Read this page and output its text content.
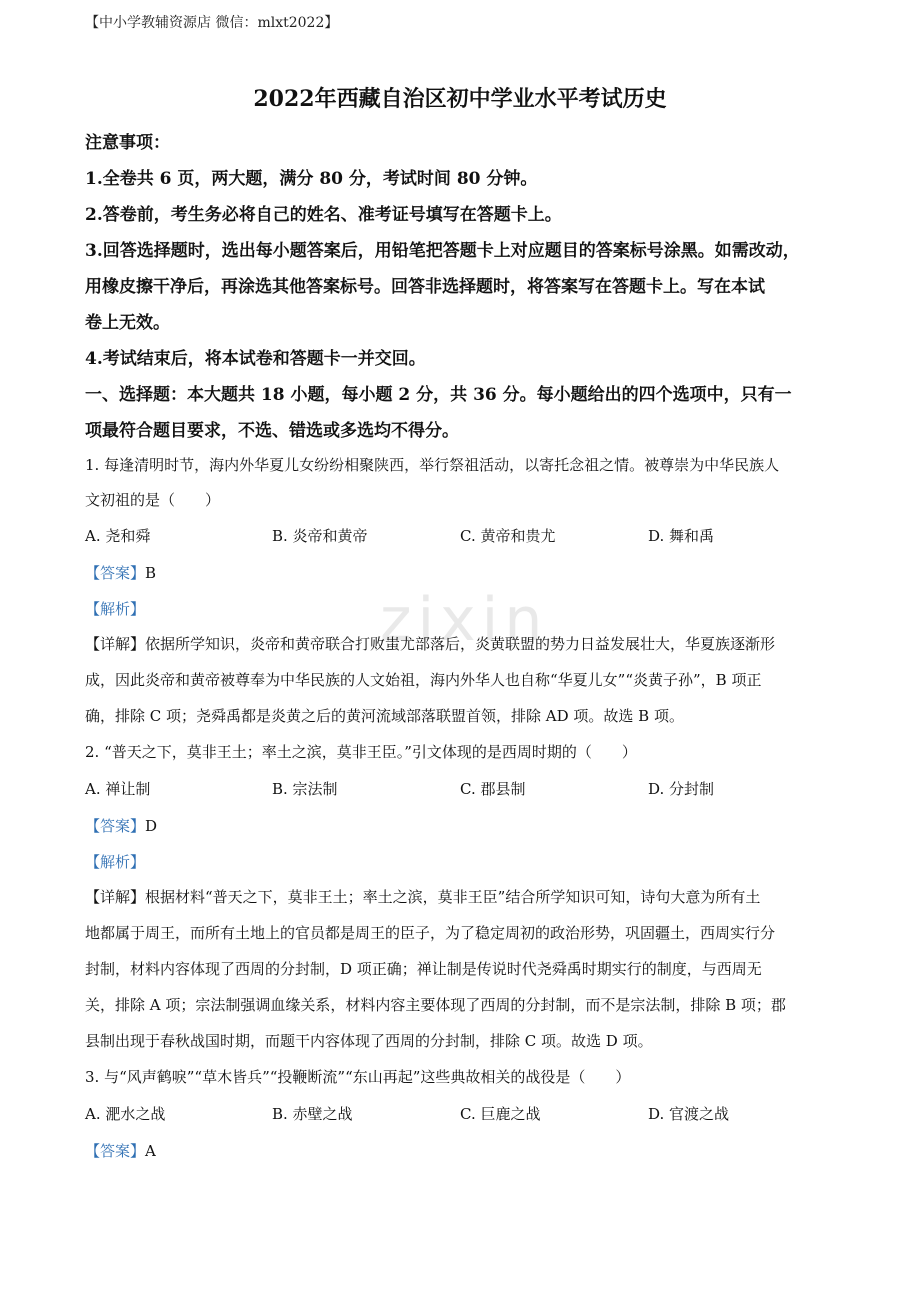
zixin
【中小学教辅资源店 微信：mlxt2022】
2022年西藏自治区初中学业水平考试历史
注意事项：
1.全卷共 6 页，两大题，满分 80 分，考试时间 80 分钟。
2.答卷前，考生务必将自己的姓名、准考证号填写在答题卡上。
3.回答选择题时，选出每小题答案后，用铅笔把答题卡上对应题目的答案标号涂黑。如需改动，
用橡皮擦干净后，再涂选其他答案标号。回答非选择题时，将答案写在答题卡上。写在本试
卷上无效。
4.考试结束后，将本试卷和答题卡一并交回。
一、选择题：本大题共 18 小题，每小题 2 分，共 36 分。每小题给出的四个选项中，只有一
项最符合题目要求，不选、错选或多选均不得分。
1. 每逢清明时节，海内外华夏儿女纷纷相聚陕西，举行祭祖活动，以寄托念祖之情。被尊崇为中华民族人
文初祖的是（　　）
A. 尧和舜	B. 炎帝和黄帝	C. 黄帝和贵尤	D. 舞和禹
【答案】B
【解析】
【详解】依据所学知识，炎帝和黄帝联合打败蚩尤部落后，炎黄联盟的势力日益发展壮大，华夏族逐渐形
成，因此炎帝和黄帝被尊奉为中华民族的人文始祖，海内外华人也自称“华夏儿女”“炎黄子孙”，B 项正
确，排除 C 项；尧舜禹都是炎黄之后的黄河流域部落联盟首领，排除 AD 项。故选 B 项。
2. “普天之下，莫非王土；率土之滨，莫非王臣。”引文体现的是西周时期的（　　）
A. 禅让制	B. 宗法制	C. 郡县制	D. 分封制
【答案】D
【解析】
【详解】根据材料“普天之下，莫非王土；率土之滨，莫非王臣”结合所学知识可知，诗句大意为所有土
地都属于周王，而所有土地上的官员都是周王的臣子，为了稳定周初的政治形势，巩固疆土，西周实行分
封制，材料内容体现了西周的分封制，D 项正确；禅让制是传说时代尧舜禹时期实行的制度，与西周无
关，排除 A 项；宗法制强调血缘关系，材料内容主要体现了西周的分封制，而不是宗法制，排除 B 项；郡
县制出现于春秋战国时期，而题干内容体现了西周的分封制，排除 C 项。故选 D 项。
3. 与“风声鹤唳”“草木皆兵”“投鞭断流”“东山再起”这些典故相关的战役是（　　）
A. 淝水之战	B. 赤壁之战	C. 巨鹿之战	D. 官渡之战
【答案】A
